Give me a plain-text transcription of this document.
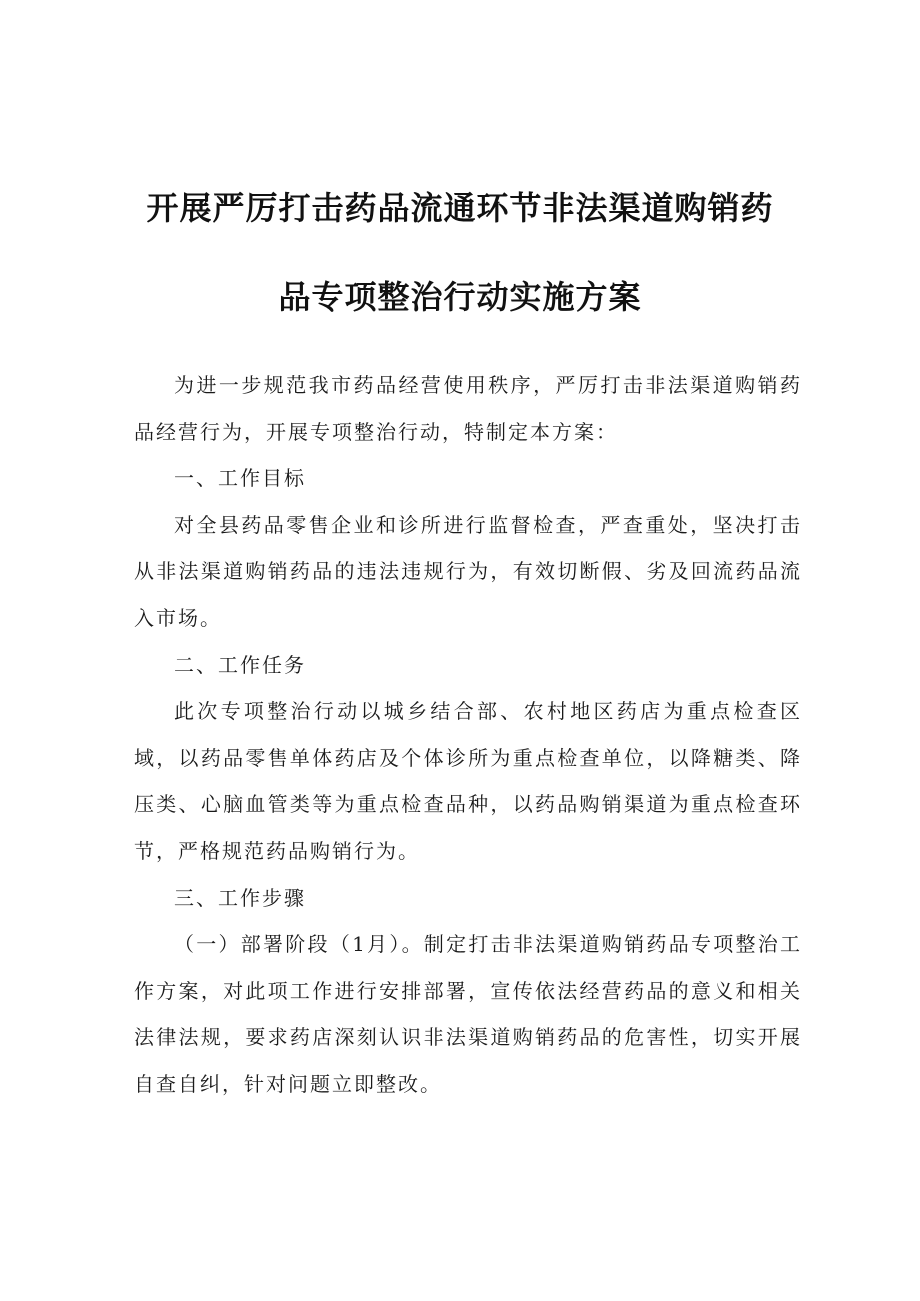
开展严厉打击药品流通环节非法渠道购销药
品专项整治行动实施方案

为进一步规范我市药品经营使用秩序，严厉打击非法渠道购销药品经营行为，开展专项整治行动，特制定本方案：

一、工作目标

对全县药品零售企业和诊所进行监督检查，严查重处，坚决打击从非法渠道购销药品的违法违规行为，有效切断假、劣及回流药品流入市场。

二、工作任务

此次专项整治行动以城乡结合部、农村地区药店为重点检查区域，以药品零售单体药店及个体诊所为重点检查单位，以降糖类、降压类、心脑血管类等为重点检查品种，以药品购销渠道为重点检查环节，严格规范药品购销行为。

三、工作步骤

（一）部署阶段（1月）。制定打击非法渠道购销药品专项整治工作方案，对此项工作进行安排部署，宣传依法经营药品的意义和相关法律法规，要求药店深刻认识非法渠道购销药品的危害性，切实开展自查自纠，针对问题立即整改。
